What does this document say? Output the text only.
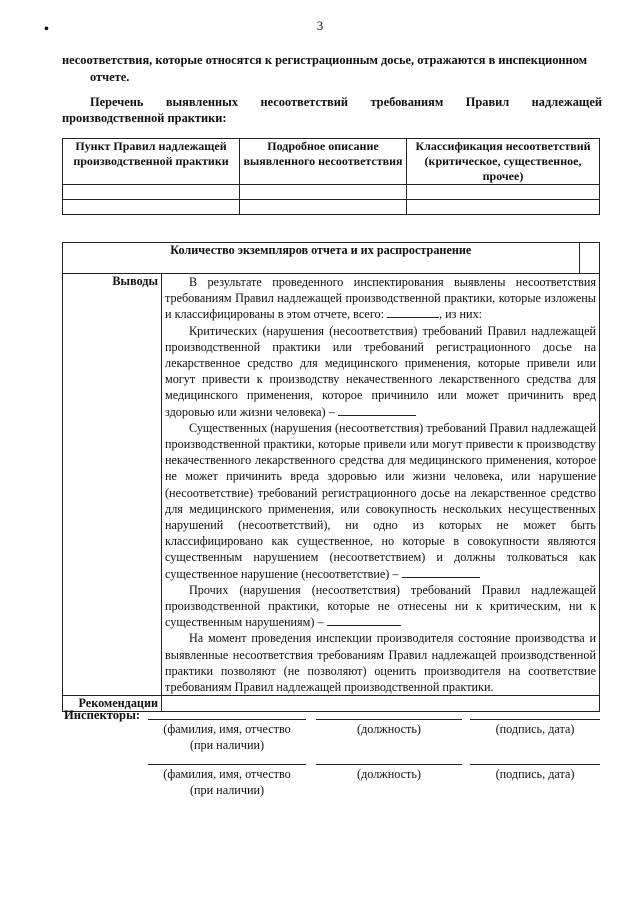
3
•
несоответствия, которые относятся к регистрационным досье, отражаются в инспекционном
отчете.
Перечень выявленных несоответствий требованиям Правил надлежащей
производственной практики:
Пункт Правил надлежащей производственной практики	Подробное описание выявленного несоответствия	Классификация несоответствий (критическое, существенное, прочее)

Количество экземпляров отчета и их распространение		
Выводы	В результате проведенного инспектирования выявлены несоответствия требованиям Правил надлежащей производственной практики, которые изложены и классифицированы в этом отчете, всего: , из них:

Критических (нарушения (несоответствия) требований Правил надлежащей производственной практики или требований регистрационного досье на лекарственное средство для медицинского применения, которые привели или могут привести к производству некачественного лекарственного средства для медицинского применения, которое причинило или может причинить вред здоровью или жизни человека) –

Существенных (нарушения (несоответствия) требований Правил надлежащей производственной практики, которые привели или могут привести к производству некачественного лекарственного средства для медицинского применения, которое не может причинить вреда здоровью или жизни человека, или нарушение (несоответствие) требований регистрационного досье на лекарственное средство для медицинского применения, или совокупность нескольких несущественных нарушений (несоответствий), ни одно из которых не может быть классифицировано как существенное, но которые в совокупности являются существенным нарушением (несоответствием) и должны толковаться как существенное нарушение (несоответствие) –

Прочих (нарушения (несоответствия) требований Правил надлежащей производственной практики, которые не отнесены ни к критическим, ни к существенным нарушениям) –

На момент проведения инспекции производителя состояние производства и выявленные несоответствия требованиям Правил надлежащей производственной практики позволяют (не позволяют) оценить производителя на соответствие требованиям Правил надлежащей производственной практики.	

Рекомендации		
Инспекторы:
(фамилия, имя, отчество
(при наличии)
(должность)	(подпись, дата)
(фамилия, имя, отчество
(при наличии)
(должность)	(подпись, дата)
